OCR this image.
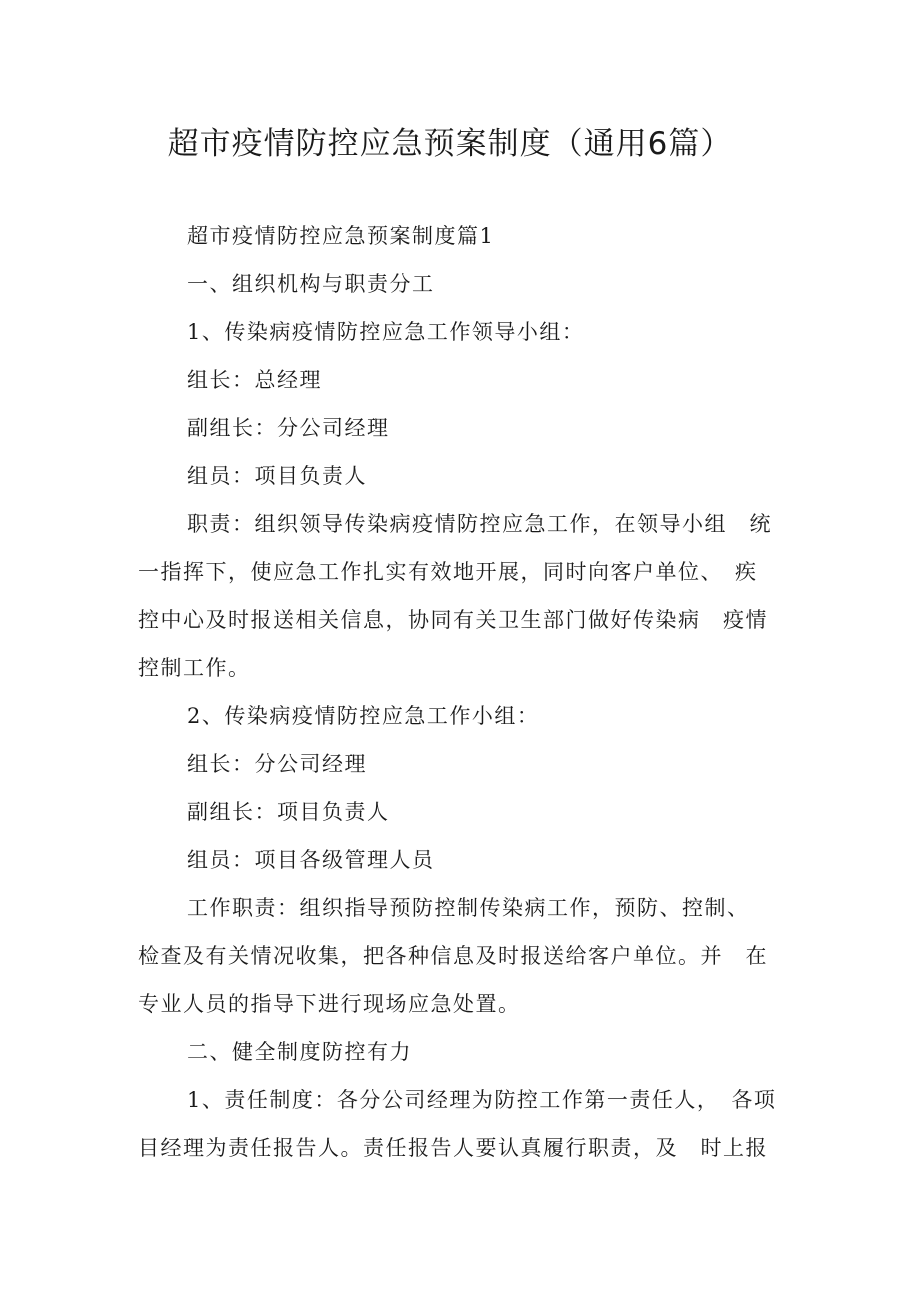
超市疫情防控应急预案制度（通用6篇）
超市疫情防控应急预案制度篇1
一、组织机构与职责分工
1、传染病疫情防控应急工作领导小组：
组长：总经理
副组长：分公司经理
组员：项目负责人
职责：组织领导传染病疫情防控应急工作，在领导小组　统
一指挥下，使应急工作扎实有效地开展，同时向客户单位、　疾
控中心及时报送相关信息，协同有关卫生部门做好传染病　疫情
控制工作。
2、传染病疫情防控应急工作小组：
组长：分公司经理
副组长：项目负责人
组员：项目各级管理人员
工作职责：组织指导预防控制传染病工作，预防、控制、
检查及有关情况收集，把各种信息及时报送给客户单位。并　在
专业人员的指导下进行现场应急处置。
二、健全制度防控有力
1、责任制度：各分公司经理为防控工作第一责任人，　各项
目经理为责任报告人。责任报告人要认真履行职责，及　时上报
